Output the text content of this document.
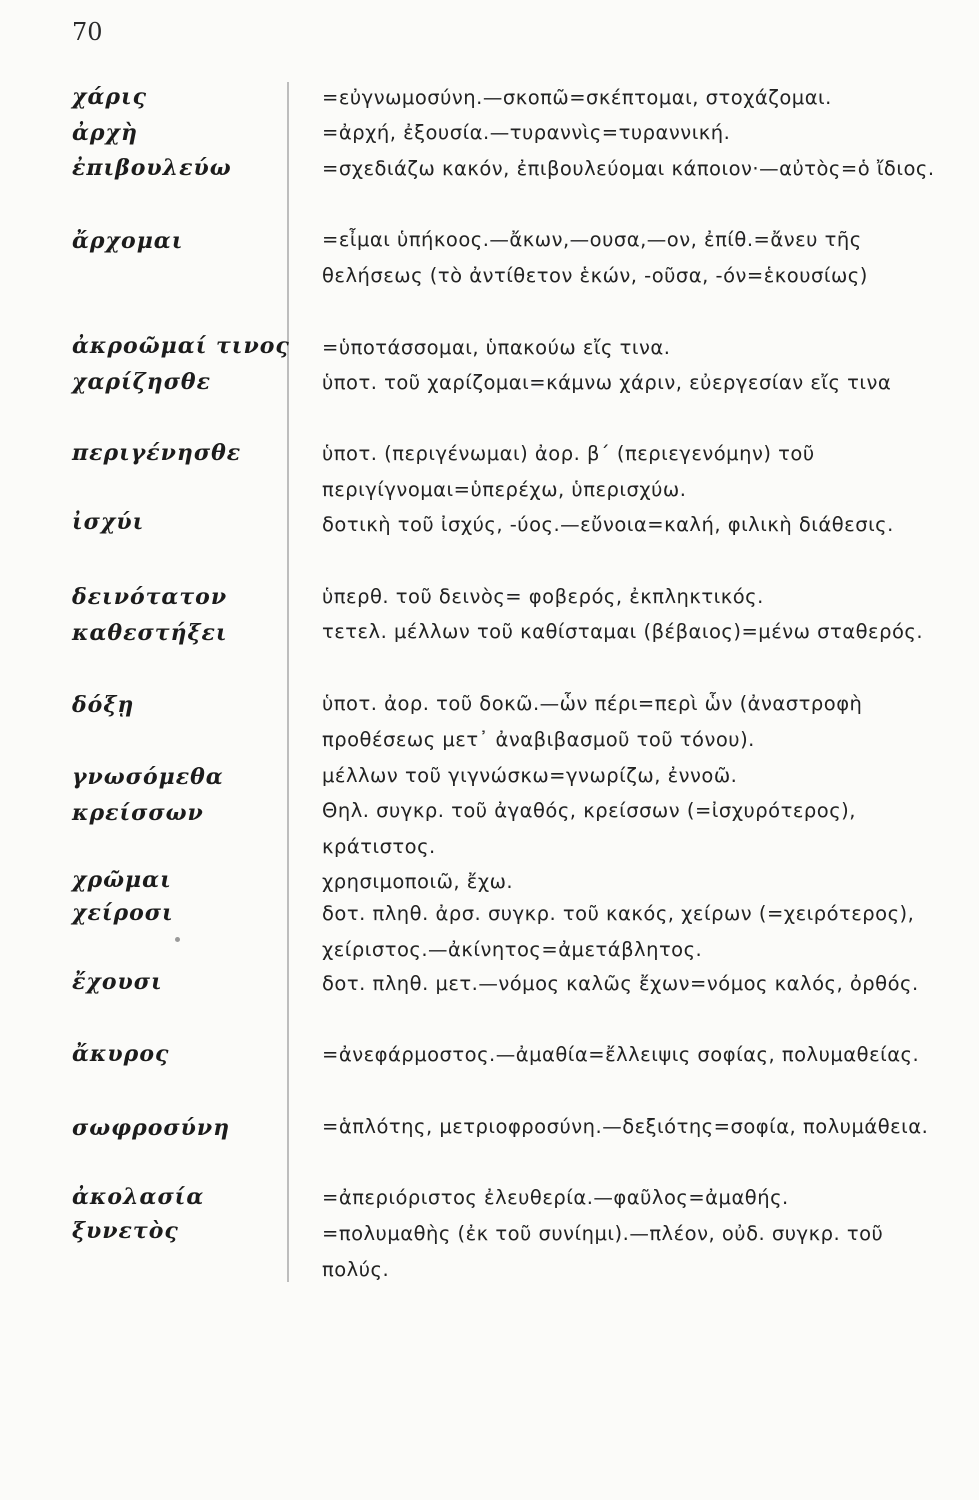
70
χάρις
ἀρχὴ
ἐπιβουλεύω
ἄρχομαι
ἀκροῶμαί τινος
χαρίζησθε
περιγένησθε
ἰσχύι
δεινότατον
καθεστήξει
δόξῃ
γνωσόμεθα
κρείσσων
χρῶμαι
χείροσι
ἔχουσι
ἄκυρος
σωφροσύνη
ἀκολασία
ξυνετὸς
=εὐγνωμοσύνη.—σκοπῶ=σκέπτομαι, στοχάζομαι.
=ἀρχή, ἐξουσία.—τυραννὶς=τυραννική.
=σχεδιάζω κακόν, ἐπιβουλεύομαι κάποιον·—αὐτὸς=ὁ ἴδιος.
=εἶμαι ὑπήκοος.—ἄκων,—ουσα,—ον, ἐπίθ.=ἄνευ τῆς θελήσεως (τὸ ἀντίθετον ἑκών, -οῦσα, -όν=ἑκουσίως)
=ὑποτάσσομαι, ὑπακούω εἴς τινα.
ὑποτ. τοῦ χαρίζομαι=κάμνω χάριν, εὐεργεσίαν εἴς τινα
ὑποτ. (περιγένωμαι) ἀορ. β΄ (περιεγενόμην) τοῦ περιγίγνομαι=ὑπερέχω, ὑπερισχύω.
δοτικὴ τοῦ ἰσχύς, -ύος.—εὔνοια=καλή, φιλικὴ διάθεσις.
ὑπερθ. τοῦ δεινὸς= φοβερός, ἐκπληκτικός.
τετελ. μέλλων τοῦ καθίσταμαι (βέβαιος)=μένω σταθερός.
ὑποτ. ἀορ. τοῦ δοκῶ.—ὧν πέρι=περὶ ὧν (ἀναστροφὴ προθέσεως μετ᾽ ἀναβιβασμοῦ τοῦ τόνου).
μέλλων τοῦ γιγνώσκω=γνωρίζω, ἐννοῶ.
Θηλ. συγκρ. τοῦ ἀγαθός, κρείσσων (=ἰσχυρότερος), κράτιστος.
χρησιμοποιῶ, ἔχω.
δοτ. πληθ. ἀρσ. συγκρ. τοῦ κακός, χείρων (=χειρότερος), χείριστος.—ἀκίνητος=ἀμετάβλητος.
δοτ. πληθ. μετ.—νόμος καλῶς ἔχων=νόμος καλός, ὀρθός.
=ἀνεφάρμοστος.—ἀμαθία=ἔλλειψις σοφίας, πολυμαθείας.
=ἁπλότης, μετριοφροσύνη.—δεξιότης=σοφία, πολυμάθεια.
=ἀπεριόριστος ἐλευθερία.—φαῦλος=ἀμαθής.
=πολυμαθὴς (ἐκ τοῦ συνίημι).—πλέον, οὐδ. συγκρ. τοῦ πολύς.
